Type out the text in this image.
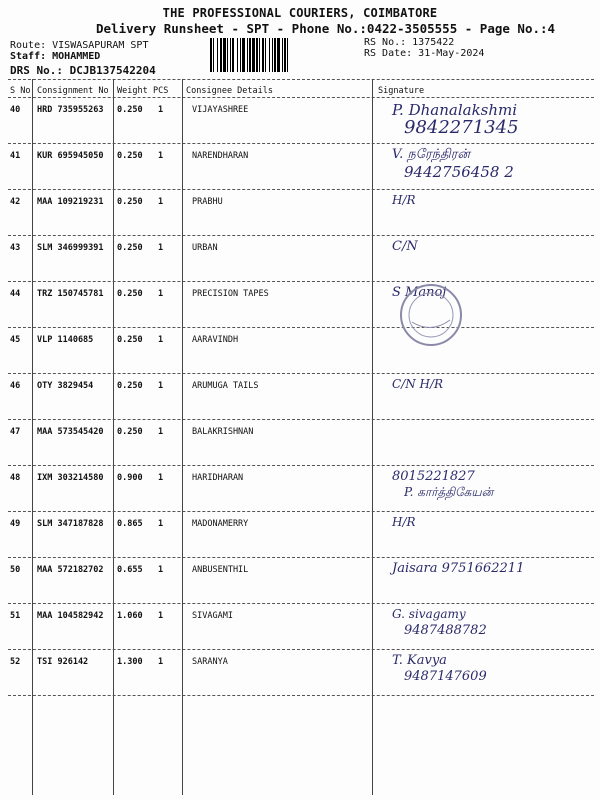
THE PROFESSIONAL COURIERS, COIMBATORE
Delivery Runsheet - SPT - Phone No.:0422-3505555 - Page No.:4
Route: VISWASAPURAM SPT
Staff: MOHAMMED
RS No.: 1375422
RS Date: 31-May-2024
DRS No.: DCJB137542204
S No Consignment No Weight PCS Consignee Details	Signature
40 HRD 735955263 0.250 1	VIJAYASHREE	P. Dhanalakshmi
9842271345
41 KUR 695945050 0.250 1	NARENDHARAN	V. நரேந்திரன்
9442756458 2
42 MAA 109219231 0.250 1	PRABHU	H/R
43 SLM 346999391 0.250 1	URBAN	C/N
44 TRZ 150745781 0.250 1	PRECISION TAPES	S Manoj
45 VLP 1140685	0.250 1	AARAVINDH
46 OTY 3829454	0.250 1	ARUMUGA TAILS	C/N H/R
47 MAA 573545420 0.250 1	BALAKRISHNAN
48 IXM 303214580 0.900 1	HARIDHARAN	8015221827
P. கார்த்திகேயன்
49 SLM 347187828 0.865 1	MADONAMERRY	H/R
50 MAA 572182702 0.655 1	ANBUSENTHIL	Jaisara 9751662211
51 MAA 104582942 1.060 1	SIVAGAMI	G. sivagamy
9487488782
52 TSI 926142	1.300 1	SARANYA	T. Kavya
9487147609
